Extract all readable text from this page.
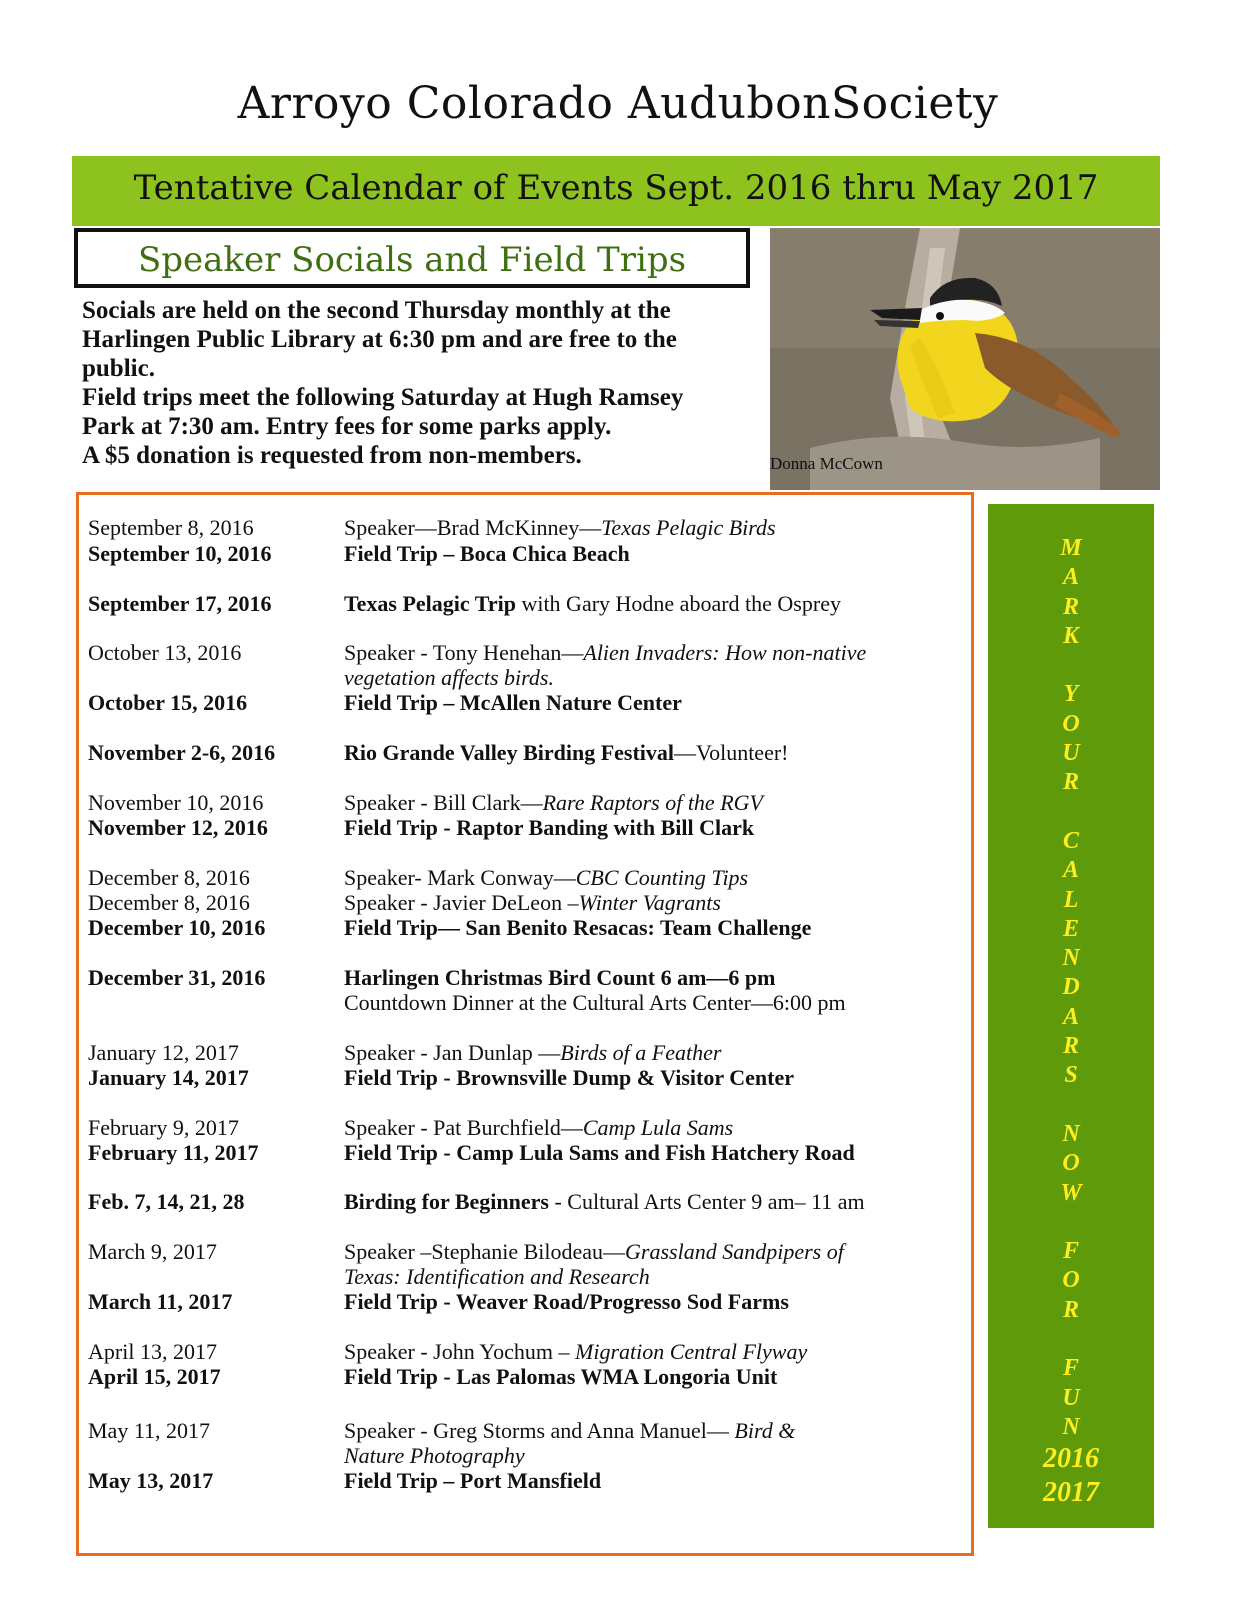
Arroyo Colorado AudubonSociety
Tentative Calendar of Events Sept. 2016 thru May 2017
Speaker Socials and Field Trips
Socials are held on the second Thursday monthly at the
Harlingen Public Library at 6:30 pm and are free to the
public.
Field trips meet the following Saturday at Hugh Ramsey
Park at 7:30 am. Entry fees for some parks apply.
A $5 donation is requested from non-members.	Donna McCown
September 8, 2016	Speaker—Brad McKinney—Texas Pelagic Birds
September 10, 2016	Field Trip – Boca Chica Beach
September 17, 2016	Texas Pelagic Trip with Gary Hodne aboard the Osprey
October 13, 2016	Speaker - Tony Henehan—Alien Invaders: How non-native
vegetation affects birds.
October 15, 2016	Field Trip – McAllen Nature Center
November 2-6, 2016	Rio Grande Valley Birding Festival—Volunteer!
November 10, 2016	Speaker - Bill Clark—Rare Raptors of the RGV
November 12, 2016	Field Trip - Raptor Banding with Bill Clark
December 8, 2016	Speaker- Mark Conway—CBC Counting Tips
December 8, 2016	Speaker - Javier DeLeon –Winter Vagrants
December 10, 2016	Field Trip— San Benito Resacas: Team Challenge
December 31, 2016	Harlingen Christmas Bird Count 6 am—6 pm
Countdown Dinner at the Cultural Arts Center—6:00 pm
January 12, 2017	Speaker - Jan Dunlap —Birds of a Feather
January 14, 2017	Field Trip - Brownsville Dump & Visitor Center
February 9, 2017	Speaker - Pat Burchfield—Camp Lula Sams
February 11, 2017	Field Trip - Camp Lula Sams and Fish Hatchery Road
Feb. 7, 14, 21, 28	Birding for Beginners - Cultural Arts Center 9 am– 11 am
March 9, 2017	Speaker –Stephanie Bilodeau—Grassland Sandpipers of
Texas: Identification and Research
March 11, 2017	Field Trip - Weaver Road/Progresso Sod Farms
April 13, 2017	Speaker - John Yochum – Migration Central Flyway
April 15, 2017	Field Trip - Las Palomas WMA Longoria Unit
May 11, 2017	Speaker - Greg Storms and Anna Manuel— Bird &
Nature Photography
May 13, 2017	Field Trip – Port Mansfield
M
A
R
K

Y
O
U
R

C
A
L
E
N
D
A
R
S

N
O
W

F
O
R

F
U
N
2016
2017
